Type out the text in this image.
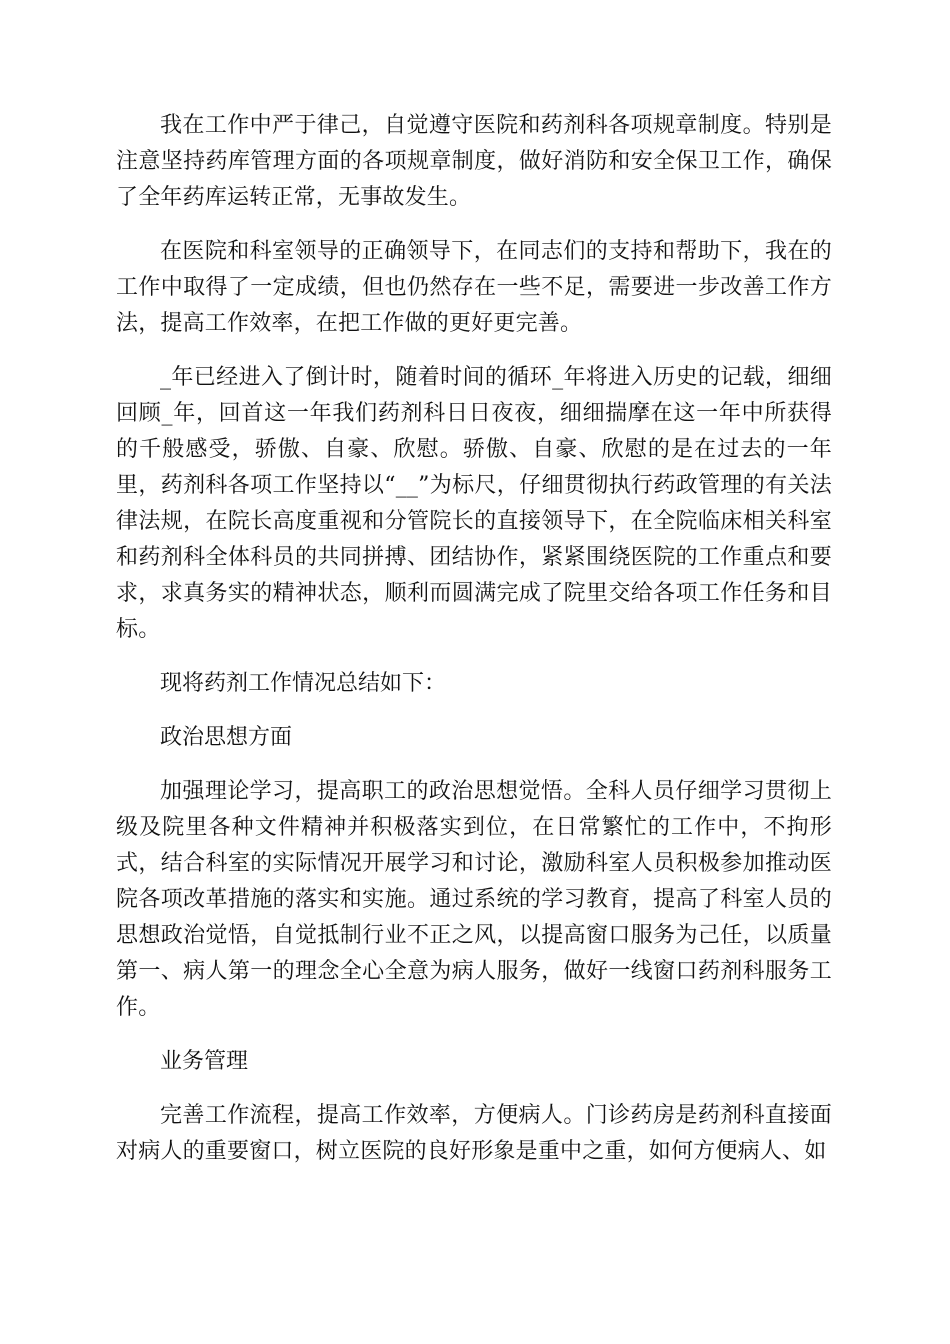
我在工作中严于律己，自觉遵守医院和药剂科各项规章制度。特别是注意坚持药库管理方面的各项规章制度，做好消防和安全保卫工作，确保了全年药库运转正常，无事故发生。

在医院和科室领导的正确领导下，在同志们的支持和帮助下，我在的工作中取得了一定成绩，但也仍然存在一些不足，需要进一步改善工作方法，提高工作效率，在把工作做的更好更完善。

_年已经进入了倒计时，随着时间的循环_年将进入历史的记载，细细回顾_年，回首这一年我们药剂科日日夜夜，细细揣摩在这一年中所获得的千般感受，骄傲、自豪、欣慰。骄傲、自豪、欣慰的是在过去的一年里，药剂科各项工作坚持以“__”为标尺，仔细贯彻执行药政管理的有关法律法规，在院长高度重视和分管院长的直接领导下，在全院临床相关科室和药剂科全体科员的共同拼搏、团结协作，紧紧围绕医院的工作重点和要求，求真务实的精神状态，顺利而圆满完成了院里交给各项工作任务和目标。

现将药剂工作情况总结如下：

政治思想方面

加强理论学习，提高职工的政治思想觉悟。全科人员仔细学习贯彻上级及院里各种文件精神并积极落实到位，在日常繁忙的工作中，不拘形式，结合科室的实际情况开展学习和讨论，激励科室人员积极参加推动医院各项改革措施的落实和实施。通过系统的学习教育，提高了科室人员的思想政治觉悟，自觉抵制行业不正之风，以提高窗口服务为己任，以质量第一、病人第一的理念全心全意为病人服务，做好一线窗口药剂科服务工作。

业务管理

完善工作流程，提高工作效率，方便病人。门诊药房是药剂科直接面对病人的重要窗口，树立医院的良好形象是重中之重，如何方便病人、如
